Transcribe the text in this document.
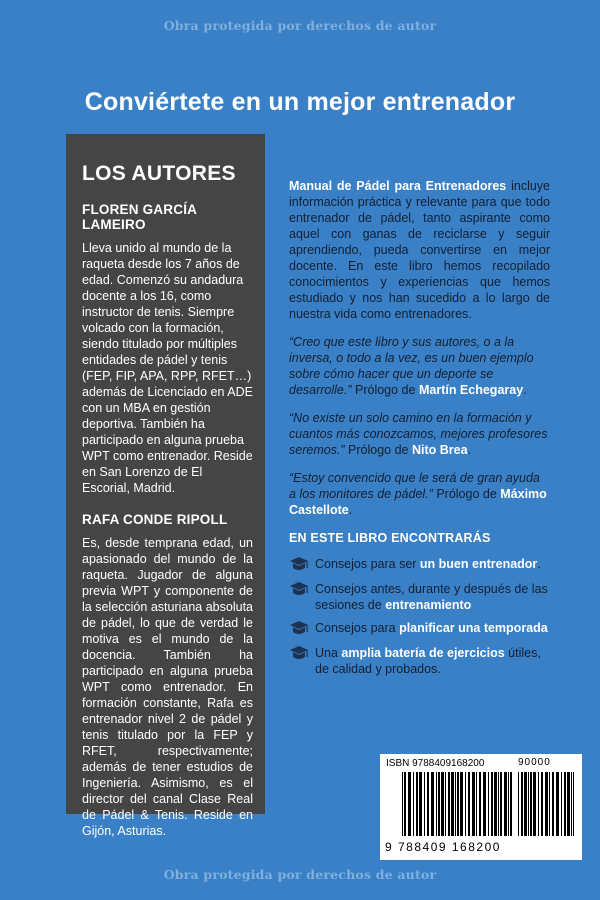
Obra protegida por derechos de autor
Conviértete en un mejor entrenador
LOS AUTORES
FLOREN GARCÍA LAMEIRO
Lleva unido al mundo de la raqueta desde los 7 años de edad. Comenzó su andadura docente a los 16, como instructor de tenis. Siempre volcado con la formación, siendo titulado por múltiples entidades de pádel y tenis (FEP, FIP, APA, RPP, RFET…) además de Licenciado en ADE con un MBA en gestión deportiva. También ha participado en alguna prueba WPT como entrenador. Reside en San Lorenzo de El Escorial, Madrid.
RAFA CONDE RIPOLL
Es, desde temprana edad, un apasionado del mundo de la raqueta. Jugador de alguna previa WPT y componente de la selección asturiana absoluta de pádel, lo que de verdad le motiva es el mundo de la docencia. También ha participado en alguna prueba WPT como entrenador. En formación constante, Rafa es entrenador nivel 2 de pádel y tenis titulado por la FEP y RFET, respectivamente; además de tener estudios de Ingeniería. Asimismo, es el director del canal Clase Real de Pádel & Tenis. Reside en Gijón, Asturias.

Manual de Pádel para Entrenadores incluye información práctica y relevante para que todo entrenador de pádel, tanto aspirante como aquel con ganas de reciclarse y seguir aprendiendo, pueda convertirse en mejor docente. En este libro hemos recopilado conocimientos y experiencias que hemos estudiado y nos han sucedido a lo largo de nuestra vida como entrenadores.

“Creo que este libro y sus autores, o a la inversa, o todo a la vez, es un buen ejemplo sobre cómo hacer que un deporte se desarrolle.” Prólogo de Martín Echegaray.

“No existe un solo camino en la formación y cuantos más conozcamos, mejores profesores seremos.” Prólogo de Nito Brea.

“Estoy convencido que le será de gran ayuda a los monitores de pádel.” Prólogo de Máximo Castellote.

EN ESTE LIBRO ENCONTRARÁS
Consejos para ser un buen entrenador.
Consejos antes, durante y después de las sesiones de entrenamiento
Consejos para planificar una temporada
Una amplia batería de ejercicios útiles, de calidad y probados.
ISBN 9788409168200	90000
9 788409 168200
Obra protegida por derechos de autor
